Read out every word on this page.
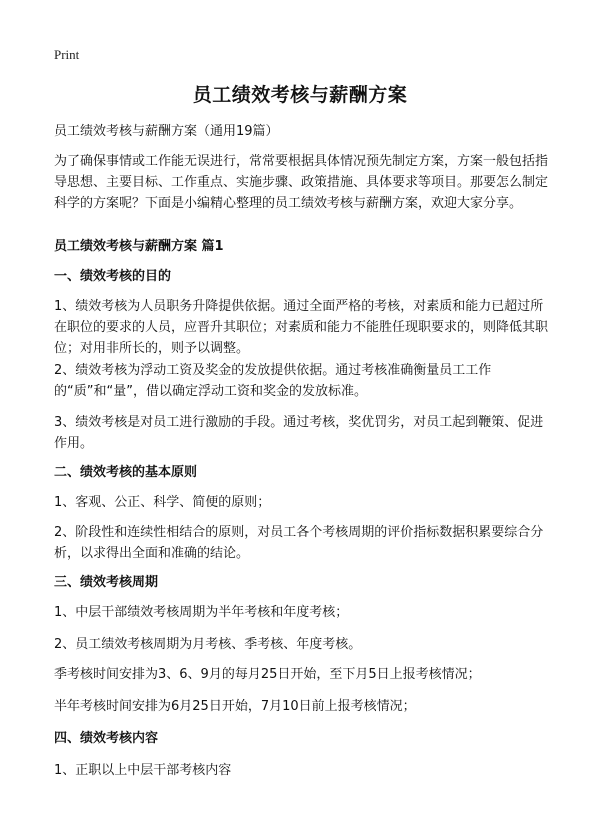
Print
员工绩效考核与薪酬方案
员工绩效考核与薪酬方案（通用19篇）
为了确保事情或工作能无误进行，常常要根据具体情况预先制定方案，方案一般包括指导思想、主要目标、工作重点、实施步骤、政策措施、具体要求等项目。那要怎么制定科学的方案呢？下面是小编精心整理的员工绩效考核与薪酬方案，欢迎大家分享。
员工绩效考核与薪酬方案 篇1
一、绩效考核的目的
1、绩效考核为人员职务升降提供依据。通过全面严格的考核，对素质和能力已超过所在职位的要求的人员，应晋升其职位；对素质和能力不能胜任现职要求的，则降低其职位；对用非所长的，则予以调整。
2、绩效考核为浮动工资及奖金的发放提供依据。通过考核准确衡量员工工作的“质”和“量”，借以确定浮动工资和奖金的发放标准。
3、绩效考核是对员工进行激励的手段。通过考核，奖优罚劣，对员工起到鞭策、促进作用。
二、绩效考核的基本原则
1、客观、公正、科学、简便的原则；
2、阶段性和连续性相结合的原则，对员工各个考核周期的评价指标数据积累要综合分析，以求得出全面和准确的结论。
三、绩效考核周期
1、中层干部绩效考核周期为半年考核和年度考核；
2、员工绩效考核周期为月考核、季考核、年度考核。
季考核时间安排为3、6、9月的每月25日开始，至下月5日上报考核情况；
半年考核时间安排为6月25日开始，7月10日前上报考核情况；
四、绩效考核内容
1、正职以上中层干部考核内容
